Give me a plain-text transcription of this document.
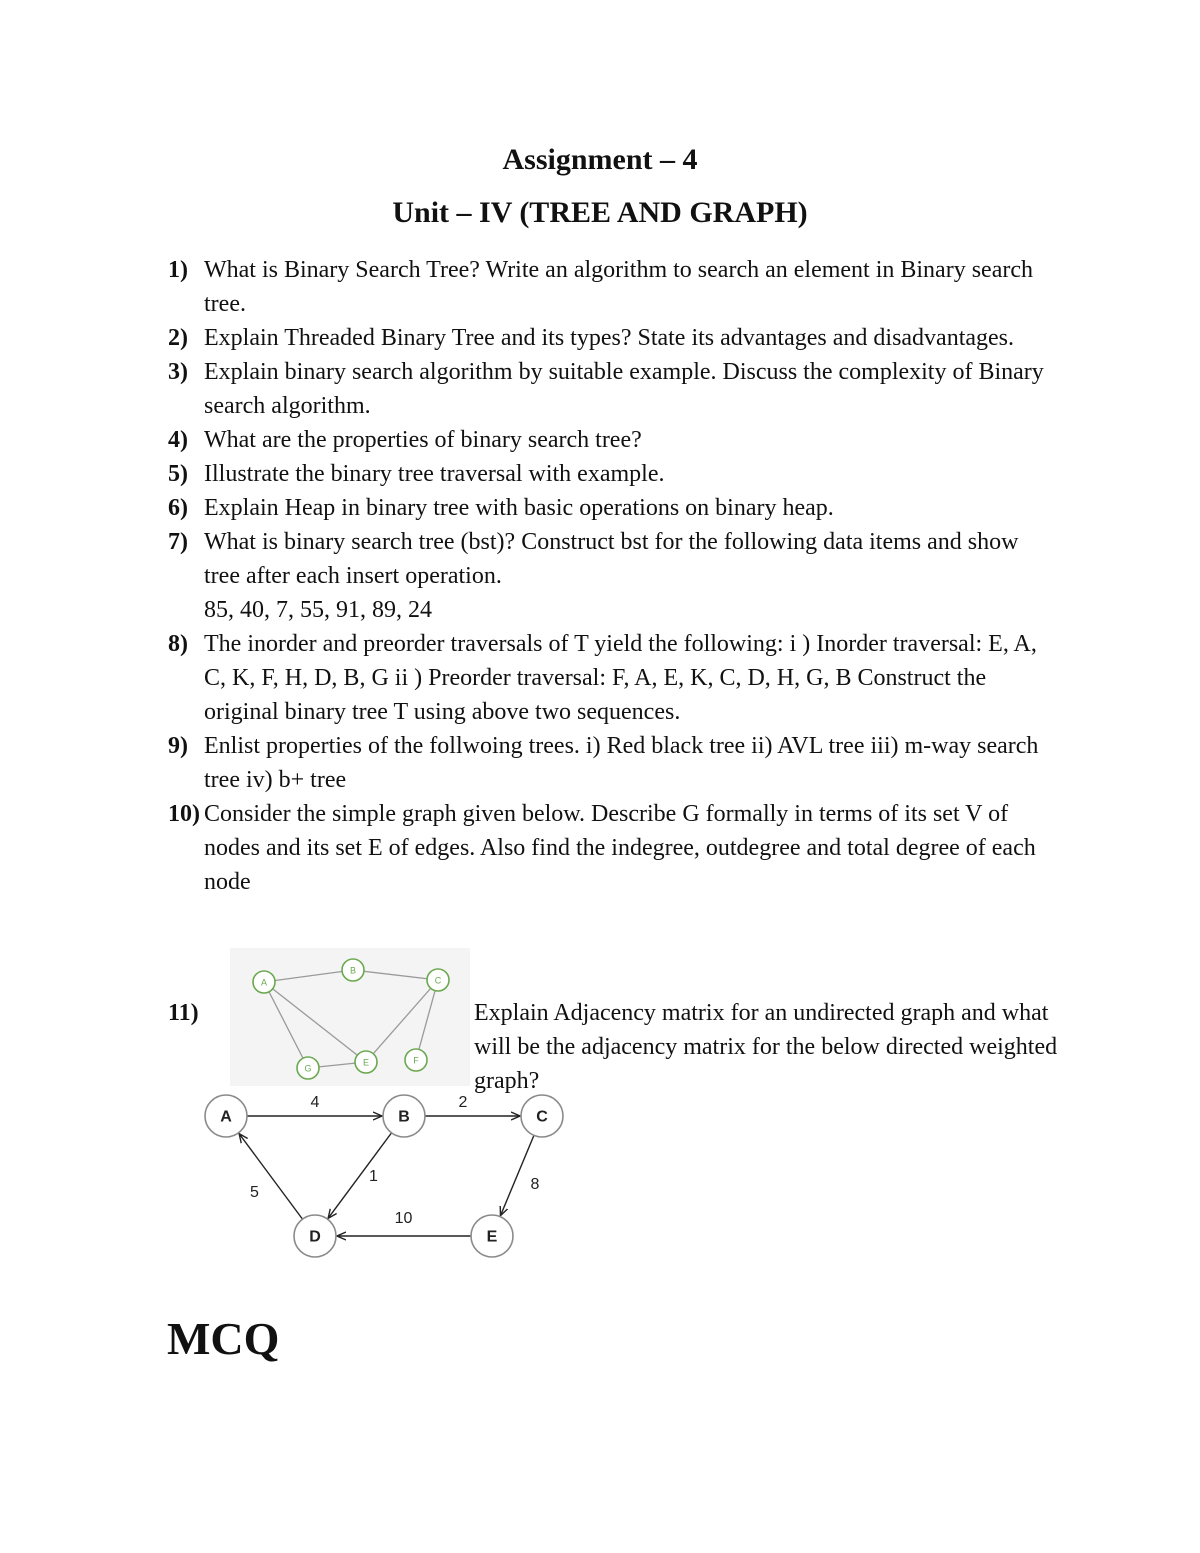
Assignment – 4
Unit – IV (TREE AND GRAPH)
1) What is Binary Search Tree? Write an algorithm to search an element in Binary search tree.
2) Explain Threaded Binary Tree and its types? State its advantages and disadvantages.
3) Explain binary search algorithm by suitable example. Discuss the complexity of Binary search algorithm.
4) What are the properties of binary search tree?
5) Illustrate the binary tree traversal with example.
6) Explain Heap in binary tree with basic operations on binary heap.
7) What is binary search tree (bst)? Construct bst for the following data items and show tree after each insert operation.
85, 40, 7, 55, 91, 89, 24
8) The inorder and preorder traversals of T yield the following: i ) Inorder traversal: E, A, C, K, F, H, D, B, G ii ) Preorder traversal: F, A, E, K, C, D, H, G, B Construct the original binary tree T using above two sequences.
9) Enlist properties of the follwoing trees. i) Red black tree ii) AVL tree iii) m-way search tree iv) b+ tree
10) Consider the simple graph given below. Describe G formally in terms of its set V of nodes and its set E of edges. Also find the indegree, outdegree and total degree of each node
11)	Explain Adjacency matrix for an undirected graph and what will be the adjacency matrix for the below directed weighted graph?
A
B
C
G
E	F
4	2
1
5	8
10
A	B	C
D	E
MCQ
